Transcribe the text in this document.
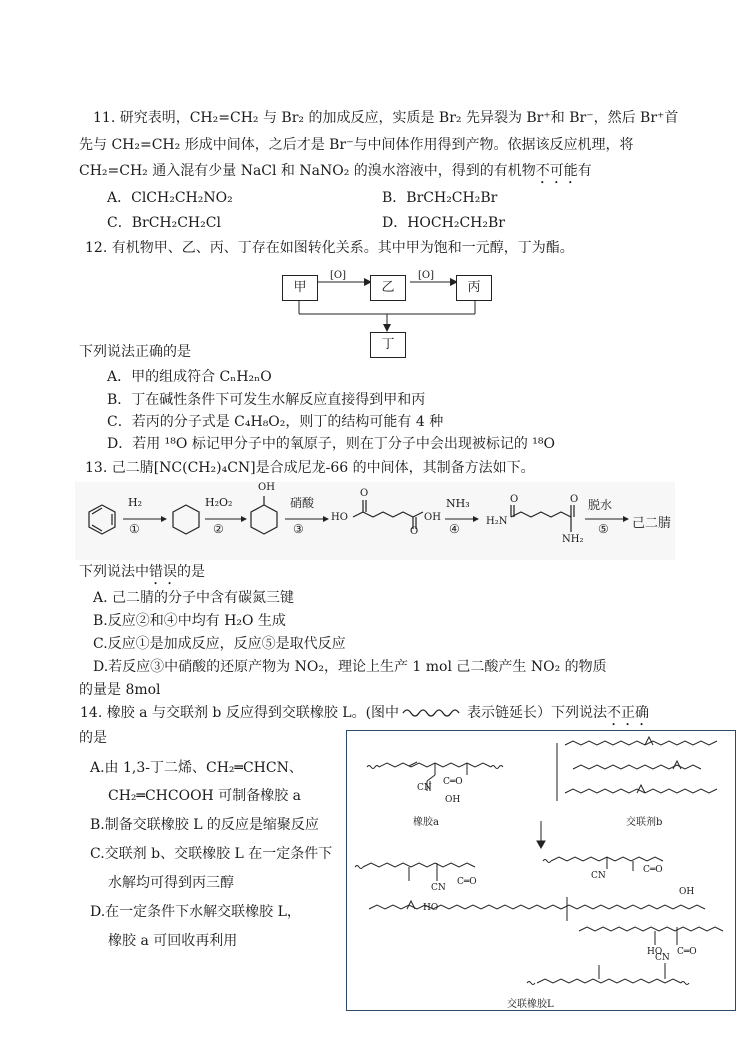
11. 研究表明，CH₂=CH₂ 与 Br₂ 的加成反应，实质是 Br₂ 先异裂为 Br⁺和 Br⁻，然后 Br⁺首
先与 CH₂=CH₂ 形成中间体，之后才是 Br⁻与中间体作用得到产物。依据该反应机理，将
CH₂=CH₂ 通入混有少量 NaCl 和 NaNO₂ 的溴水溶液中，得到的有机物不可能有
A．ClCH₂CH₂NO₂	B．BrCH₂CH₂Br
C．BrCH₂CH₂Cl	D．HOCH₂CH₂Br
12. 有机物甲、乙、丙、丁存在如图转化关系。其中甲为饱和一元醇，丁为酯。
甲	乙	丙
丁
[O]	[O]
下列说法正确的是
A．甲的组成符合 CₙH₂ₙO
B．丁在碱性条件下可发生水解反应直接得到甲和丙
C．若丙的分子式是 C₄H₈O₂，则丁的结构可能有 4 种
D．若用 ¹⁸O 标记甲分子中的氧原子，则在丁分子中会出现被标记的 ¹⁸O
13. 己二腈[NC(CH₂)₄CN]是合成尼龙-66 的中间体，其制备方法如下。
H₂
①
H₂O₂
②
OH
硝酸
③
HO
O
O
OH
NH₃
④
H₂N
O	O
NH₂
脱水
⑤ 己二腈
下列说法中错误的是
A. 己二腈的分子中含有碳氮三键
B.反应②和④中均有 H₂O 生成
C.反应①是加成反应，反应⑤是取代反应
D.若反应③中硝酸的还原产物为 NO₂，理论上生产 1 mol 己二酸产生 NO₂ 的物质
的量是 8mol
14. 橡胶 a 与交联剂 b 反应得到交联橡胶 L。(图中	表示链延长）下列说法不正确
的是
A.由 1,3-丁二烯、CH₂═CHCN、
CH₂═CHCOOH 可制备橡胶 a
B.制备交联橡胶 L 的反应是缩聚反应
C.交联剂 b、交联橡胶 L 在一定条件下
水解均可得到丙三醇
D.在一定条件下水解交联橡胶 L，
橡胶 a 可回收再利用
CN
C═O
OH
橡胶a	交联剂b
CN
C═O
OH
CN
C═O
HO
HO
CN
C═O
交联橡胶L
